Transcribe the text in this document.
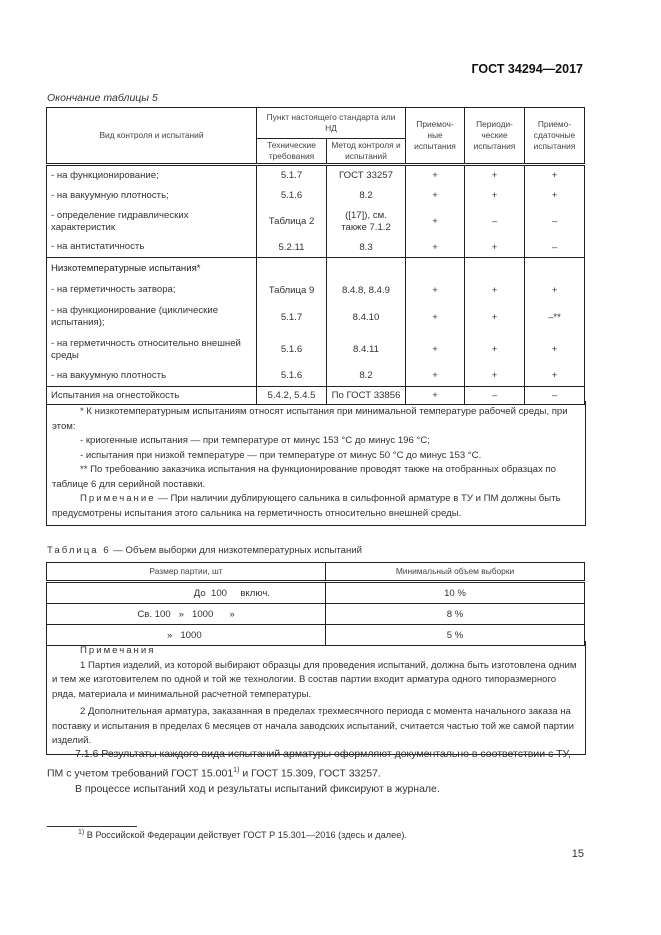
ГОСТ 34294—2017
Окончание таблицы 5
Вид контроля и испытаний	Пункт настоящего стандарта или НД		Приемоч-ные испытания	Периоди-ческие испытания	Приемо-сдаточные испытания
	Технические требования	Метод контроля и испытаний			
- на функционирование;	5.1.7	ГОСТ 33257	+	+	+
- на вакуумную плотность;	5.1.6	8.2	+	+	+
- определение гидравлических характеристик	Таблица 2	([17]), см. также 7.1.2	+	–	–
- на антистатичность	5.2.11	8.3	+	+	–
Низкотемпературные испытания*					
- на герметичность затвора;	Таблица 9	8.4.8, 8.4.9	+	+	+
- на функционирование (циклические испытания);	5.1.7	8.4.10	+	+	–**
- на герметичность относительно внешней среды	5.1.6	8.4.11	+	+	+
- на вакуумную плотность	5.1.6	8.2	+	+	+
Испытания на огнестойкость	5.4.2, 5.4.5	По ГОСТ 33856	+	–	–

* К низкотемпературным испытаниям относят испытания при минимальной температуре рабочей среды, при этом:

- криогенные испытания — при температуре от минус 153 °С до минус 196 °С;

- испытания при низкой температуре — при температуре от минус 50 °С до минус 153 °С.

** По требованию заказчика испытания на функционирование проводят также на отобранных образцах по таблице 6 для серийной поставки.

Примечание — При наличии дублирующего сальника в сильфонной арматуре в ТУ и ПМ должны быть предусмотрены испытания этого сальника на герметичность относительно внешней среды.

Таблица 6 — Объем выборки для низкотемпературных испытаний
Размер партии, шт	Минимальный объем выборки
До  100     включ.	10 %
Св. 100   »   1000      »	8 %
»   1000	5 %

Примечания

1 Партия изделий, из которой выбирают образцы для проведения испытаний, должна быть изготовлена одним и тем же изготовителем по одной и той же технологии. В состав партии входит арматура одного типоразмерного ряда, материала и минимальной расчетной температуры.

2 Дополнительная арматура, заказанная в пределах трехмесячного периода с момента начального заказа на поставку и испытания в пределах 6 месяцев от начала заводских испытаний, считается частью той же самой партии изделий.

7.1.6 Результаты каждого вида испытаний арматуры оформляют документально в соответствии с ТУ, ПМ с учетом требований ГОСТ 15.001$^{1)}$ и ГОСТ 15.309, ГОСТ 33257.

В процессе испытаний ход и результаты испытаний фиксируют в журнале.

$^{1)}$ В Российской Федерации действует ГОСТ Р 15.301—2016 (здесь и далее).
15
